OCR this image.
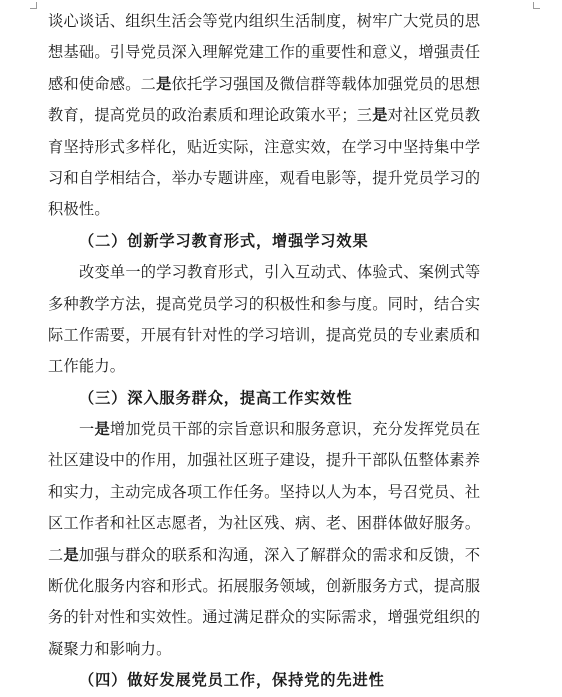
谈心谈话、组织生活会等党内组织生活制度，树牢广大党员的思
想基础。引导党员深入理解党建工作的重要性和意义，增强责任
感和使命感。二是依托学习强国及微信群等载体加强党员的思想
教育，提高党员的政治素质和理论政策水平；三是对社区党员教
育坚持形式多样化，贴近实际，注意实效，在学习中坚持集中学
习和自学相结合，举办专题讲座，观看电影等，提升党员学习的
积极性。
（二）创新学习教育形式，增强学习效果
改变单一的学习教育形式，引入互动式、体验式、案例式等
多种教学方法，提高党员学习的积极性和参与度。同时，结合实
际工作需要，开展有针对性的学习培训，提高党员的专业素质和
工作能力。
（三）深入服务群众，提高工作实效性
一是增加党员干部的宗旨意识和服务意识，充分发挥党员在
社区建设中的作用，加强社区班子建设，提升干部队伍整体素养
和实力，主动完成各项工作任务。坚持以人为本，号召党员、社
区工作者和社区志愿者，为社区残、病、老、困群体做好服务。
二是加强与群众的联系和沟通，深入了解群众的需求和反馈，不
断优化服务内容和形式。拓展服务领域，创新服务方式，提高服
务的针对性和实效性。通过满足群众的实际需求，增强党组织的
凝聚力和影响力。
（四）做好发展党员工作，保持党的先进性
